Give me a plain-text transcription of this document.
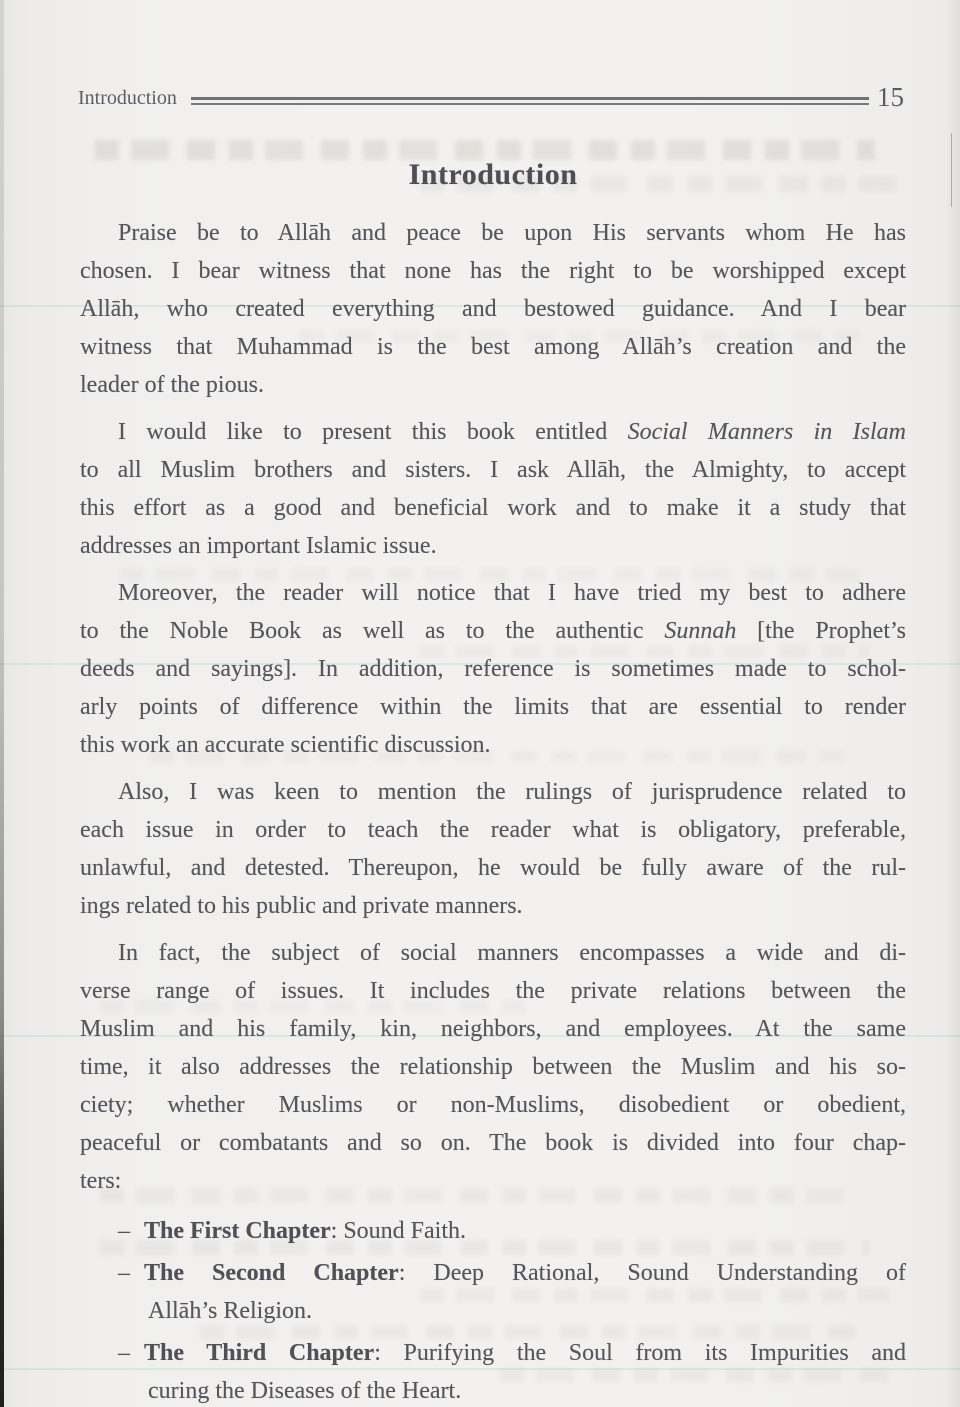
Introduction	15
Introduction
Praise be to Allāh and peace be upon His servants whom He has
chosen. I bear witness that none has the right to be worshipped except
Allāh, who created everything and bestowed guidance. And I bear
witness that Muhammad is the best among Allāh’s creation and the
leader of the pious.
I would like to present this book entitled Social Manners in Islam
to all Muslim brothers and sisters. I ask Allāh, the Almighty, to accept
this effort as a good and beneficial work and to make it a study that
addresses an important Islamic issue.
Moreover, the reader will notice that I have tried my best to adhere
to the Noble Book as well as to the authentic Sunnah [the Prophet’s
deeds and sayings]. In addition, reference is sometimes made to schol-
arly points of difference within the limits that are essential to render
this work an accurate scientific discussion.
Also, I was keen to mention the rulings of jurisprudence related to
each issue in order to teach the reader what is obligatory, preferable,
unlawful, and detested. Thereupon, he would be fully aware of the rul-
ings related to his public and private manners.
In fact, the subject of social manners encompasses a wide and di-
verse range of issues. It includes the private relations between the
Muslim and his family, kin, neighbors, and employees. At the same
time, it also addresses the relationship between the Muslim and his so-
ciety; whether Muslims or non-Muslims, disobedient or obedient,
peaceful or combatants and so on. The book is divided into four chap-
ters:
– The First Chapter: Sound Faith.
– The Second Chapter: Deep Rational, Sound Understanding of
Allāh’s Religion.
– The Third Chapter: Purifying the Soul from its Impurities and
curing the Diseases of the Heart.
